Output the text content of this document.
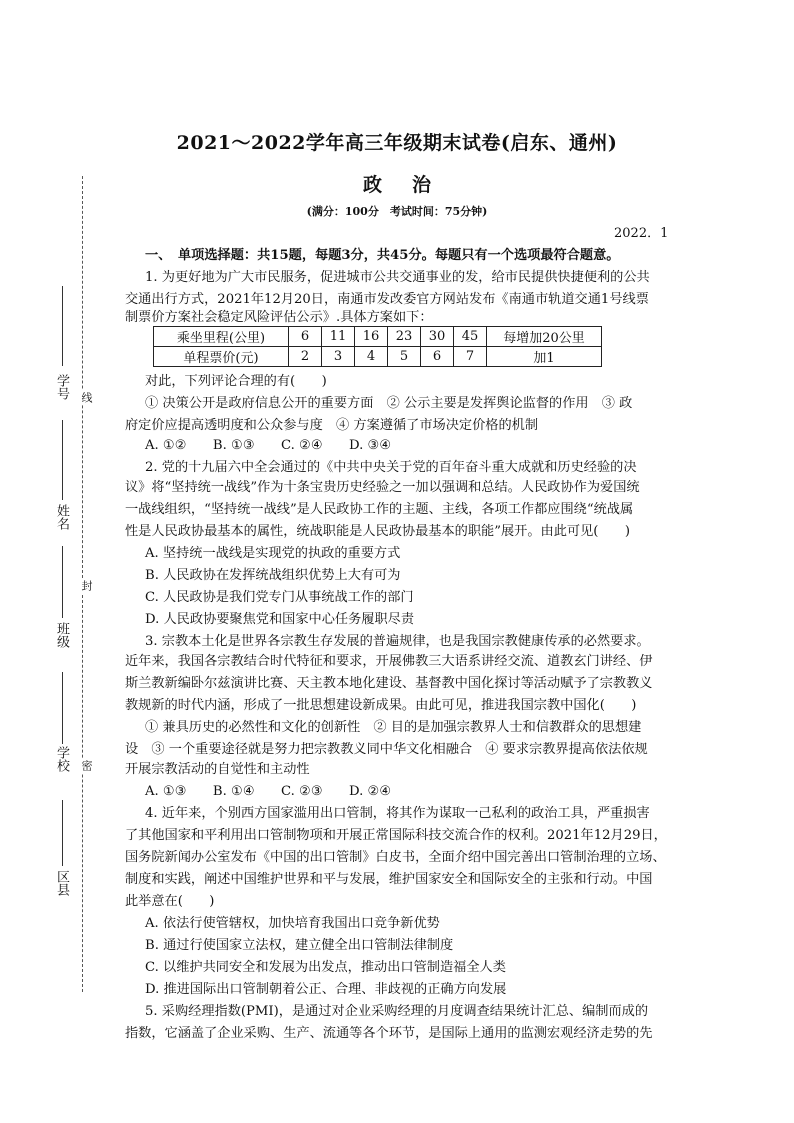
线
封
密
学号
姓名
班级
学校
区县
2021～2022学年高三年级期末试卷(启东、通州)
政治
(满分：100分　考试时间：75分钟)
2022．1
一、　单项选择题：共15题，每题3分，共45分。每题只有一个选项最符合题意。
1. 为更好地为广大市民服务，促进城市公共交通事业的发，给市民提供快捷便利的公共
交通出行方式，2021年12月20日，南通市发改委官方网站发布《南通市轨道交通1号线票
制票价方案社会稳定风险评估公示》.具体方案如下：
乘坐里程(公里)	6	11	16	23	30	45	每增加20公里
单程票价(元)	2	3	4	5	6	7	加1
对此，下列评论合理的有(　　)
① 决策公开是政府信息公开的重要方面　② 公示主要是发挥舆论监督的作用　③ 政
府定价应提高透明度和公众参与度　④ 方案遵循了市场决定价格的机制
A. ①②　　B. ①③　　C. ②④　　D. ③④
2. 党的十九届六中全会通过的《中共中央关于党的百年奋斗重大成就和历史经验的决
议》将“坚持统一战线”作为十条宝贵历史经验之一加以强调和总结。人民政协作为爱国统
一战线组织，“坚持统一战线”是人民政协工作的主题、主线，各项工作都应围绕“统战属
性是人民政协最基本的属性，统战职能是人民政协最基本的职能”展开。由此可见(　　)
A. 坚持统一战线是实现党的执政的重要方式
B. 人民政协在发挥统战组织优势上大有可为
C. 人民政协是我们党专门从事统战工作的部门
D. 人民政协要聚焦党和国家中心任务履职尽责
3. 宗教本土化是世界各宗教生存发展的普遍规律，也是我国宗教健康传承的必然要求。
近年来，我国各宗教结合时代特征和要求，开展佛教三大语系讲经交流、道教玄门讲经、伊
斯兰教新编卧尔兹演讲比赛、天主教本地化建设、基督教中国化探讨等活动赋予了宗教教义
教规新的时代内涵，形成了一批思想建设新成果。由此可见，推进我国宗教中国化(　　)
① 兼具历史的必然性和文化的创新性　② 目的是加强宗教界人士和信教群众的思想建
设　③ 一个重要途径就是努力把宗教教义同中华文化相融合　④ 要求宗教界提高依法依规
开展宗教活动的自觉性和主动性
A. ①③　　B. ①④　　C. ②③　　D. ②④
4. 近年来，个别西方国家滥用出口管制，将其作为谋取一己私利的政治工具，严重损害
了其他国家和平利用出口管制物项和开展正常国际科技交流合作的权利。2021年12月29日，
国务院新闻办公室发布《中国的出口管制》白皮书，全面介绍中国完善出口管制治理的立场、
制度和实践，阐述中国维护世界和平与发展，维护国家安全和国际安全的主张和行动。中国
此举意在(　　)
A. 依法行使管辖权，加快培育我国出口竞争新优势
B. 通过行使国家立法权，建立健全出口管制法律制度
C. 以维护共同安全和发展为出发点，推动出口管制造福全人类
D. 推进国际出口管制朝着公正、合理、非歧视的正确方向发展
5. 采购经理指数(PMI)，是通过对企业采购经理的月度调查结果统计汇总、编制而成的
指数，它涵盖了企业采购、生产、流通等各个环节，是国际上通用的监测宏观经济走势的先
